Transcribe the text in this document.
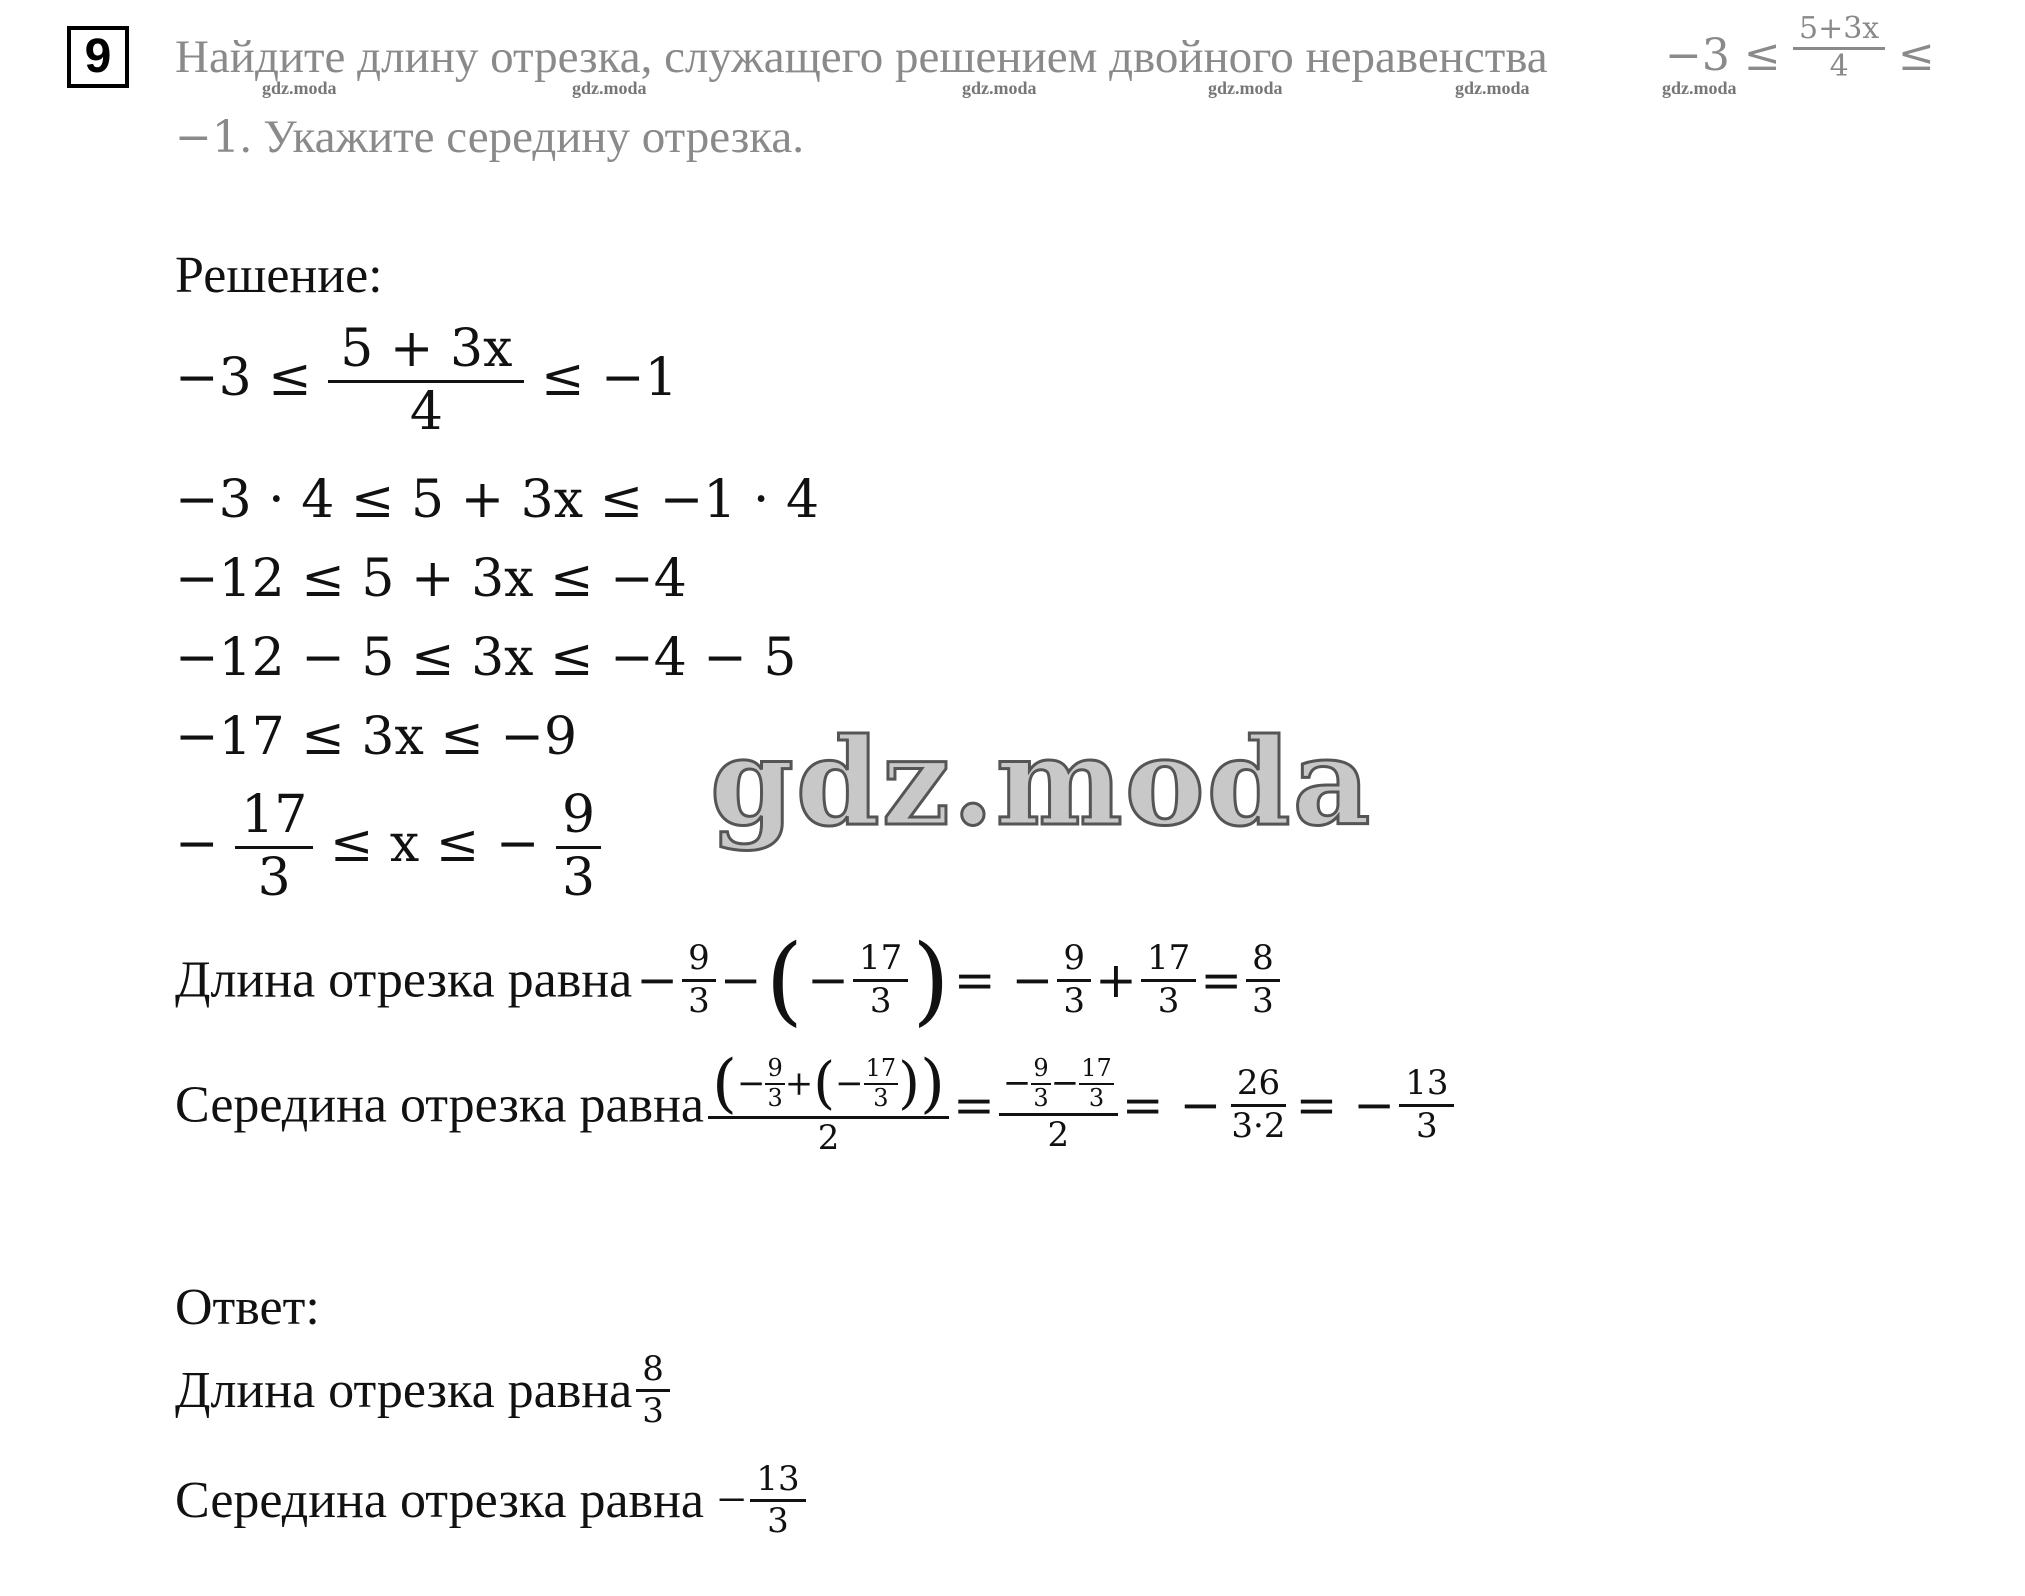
9	Найдите длину отрезка, служащего решением двойного неравенства	$-3 \le \frac{5+3x}{4}$ ≤
gdz.moda	gdz.moda	gdz.moda	gdz.moda	gdz.moda	gdz.moda
−1. Укажите середину отрезка.
Решение:
$-3 \le \frac{5 + 3x}{4} \le -1$
−3 · 4 ≤ 5 + 3x ≤ −1 · 4
−12 ≤ 5 + 3x ≤ −4
−12 − 5 ≤ 3x ≤ −4 − 5
−17 ≤ 3x ≤ −9
− $\frac{17}{3} \le x$ ≤ − $\frac{9}{3}$ gdz.moda
Длина отрезка равна − $\frac{9}{3}$ − ( − $\frac{17}{3}$ ) = − $\frac{9}{3} + \frac{17}{3} = \frac{8}{3}$
Середина отрезка равна $\frac{(- \frac{9}{3} +(- \frac{17}{3} ))}{2} = \frac{- \frac{9}{3} - \frac{17}{3}}{2}$ = − $\frac{26}{3\cdot 2}$ = − $\frac{13}{3}$
Ответ:
Длина отрезка равна $\frac{8}{3}$
Середина отрезка равна − $\frac{13}{3}$
